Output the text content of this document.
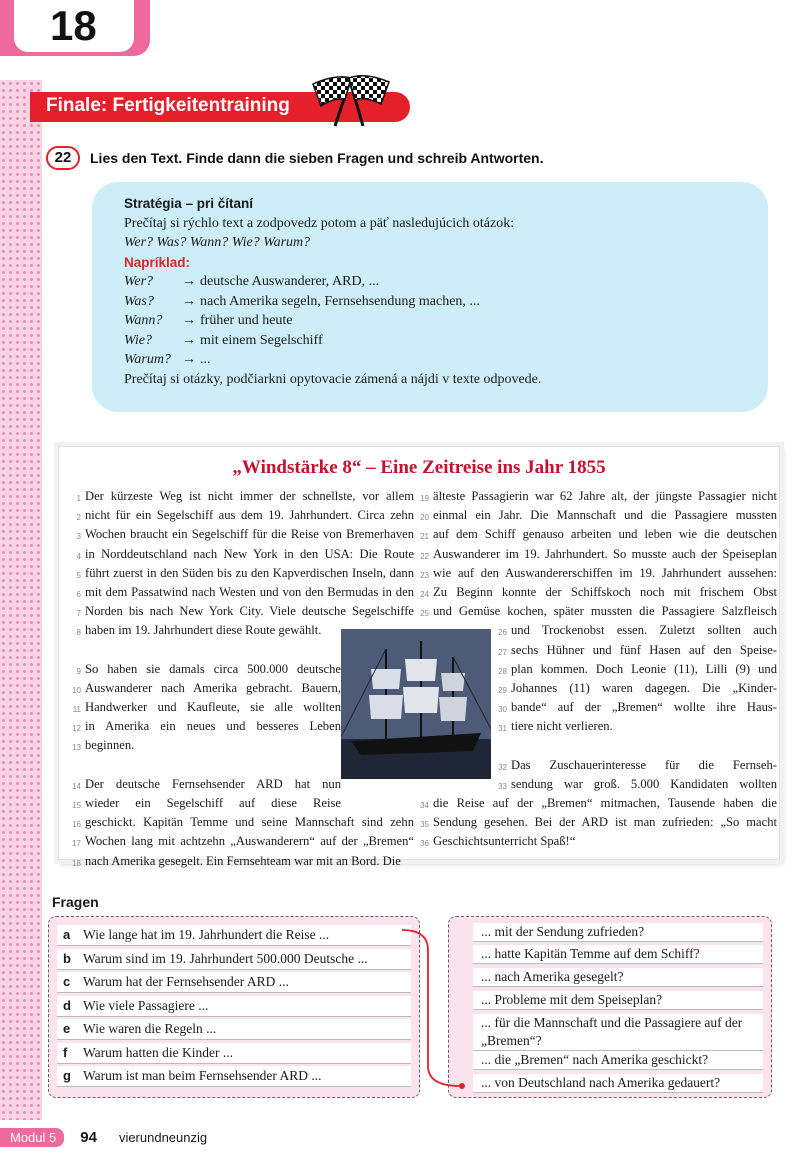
18
Finale: Fertigkeitentraining
22	Lies den Text. Finde dann die sieben Fragen und schreib Antworten.
Stratégia – pri čítaní
Prečítaj si rýchlo text a zodpovedz potom a päť nasledujúcich otázok:
Wer? Was? Wann? Wie? Warum?
Napríklad:
Wer?	→ deutsche Auswanderer, ARD, ...
Was?	→ nach Amerika segeln, Fernsehsendung machen, ...
Wann?	→ früher und heute
Wie?	→ mit einem Segelschiff
Warum? → ...
Prečítaj si otázky, podčiarkni opytovacie zámená a nájdi v texte odpovede.
„Windstärke 8“ – Eine Zeitreise ins Jahr 1855
1 Der kürzeste Weg ist nicht immer der schnellste, vor allem
2 nicht für ein Segelschiff aus dem 19. Jahrhundert. Circa zehn
3 Wochen braucht ein Segelschiff für die Reise von Bremerhaven
4 in Norddeutschland nach New York in den USA: Die Route
5 führt zuerst in den Süden bis zu den Kapverdischen Inseln, dann
6 mit dem Passatwind nach Westen und von den Bermudas in den
7 Norden bis nach New York City. Viele deutsche Segelschiffe
8 haben im 19. Jahrhundert diese Route gewählt.
9 So haben sie damals circa 500.000 deutsche
10 Auswanderer nach Amerika gebracht. Bauern,
11 Handwerker und Kaufleute, sie alle wollten
12 in Amerika ein neues und besseres Leben
13 beginnen.
14 Der deutsche Fernsehsender ARD hat nun
15 wieder ein Segelschiff auf diese Reise
16 geschickt. Kapitän Temme und seine Mannschaft sind zehn
17 Wochen lang mit achtzehn „Auswanderern“ auf der „Bremen“
18 nach Amerika gesegelt. Ein Fernsehteam war mit an Bord. Die
19 älteste Passagierin war 62 Jahre alt, der jüngste Passagier nicht
20 einmal ein Jahr. Die Mannschaft und die Passagiere mussten
21 auf dem Schiff genauso arbeiten und leben wie die deutschen
22 Auswanderer im 19. Jahrhundert. So musste auch der Speiseplan
23 wie auf den Auswandererschiffen im 19. Jahrhundert aussehen:
24 Zu Beginn konnte der Schiffskoch noch mit frischem Obst
25 und Gemüse kochen, später mussten die Passagiere Salzfleisch
26 und Trockenobst essen. Zuletzt sollten auch
27 sechs Hühner und fünf Hasen auf den Speise-
28 plan kommen. Doch Leonie (11), Lilli (9) und
29 Johannes (11) waren dagegen. Die „Kinder-
30 bande“ auf der „Bremen“ wollte ihre Haus-
31 tiere nicht verlieren.
32 Das Zuschauerinteresse für die Fernseh-
33 sendung war groß. 5.000 Kandidaten wollten
34 die Reise auf der „Bremen“ mitmachen, Tausende haben die
35 Sendung gesehen. Bei der ARD ist man zufrieden: „So macht
36 Geschichtsunterricht Spaß!“
Fragen
a Wie lange hat im 19. Jahrhundert die Reise ...
b Warum sind im 19. Jahrhundert 500.000 Deutsche ...
c Warum hat der Fernsehsender ARD ...
d Wie viele Passagiere ...
e Wie waren die Regeln ...
f Warum hatten die Kinder ...
g Warum ist man beim Fernsehsender ARD ...
... mit der Sendung zufrieden?
... hatte Kapitän Temme auf dem Schiff?
... nach Amerika gesegelt?
... Probleme mit dem Speiseplan?
... für die Mannschaft und die Passagiere auf der „Bremen“?
... die „Bremen“ nach Amerika geschickt?
... von Deutschland nach Amerika gedauert?
Modul 5	94 vierundneunzig
